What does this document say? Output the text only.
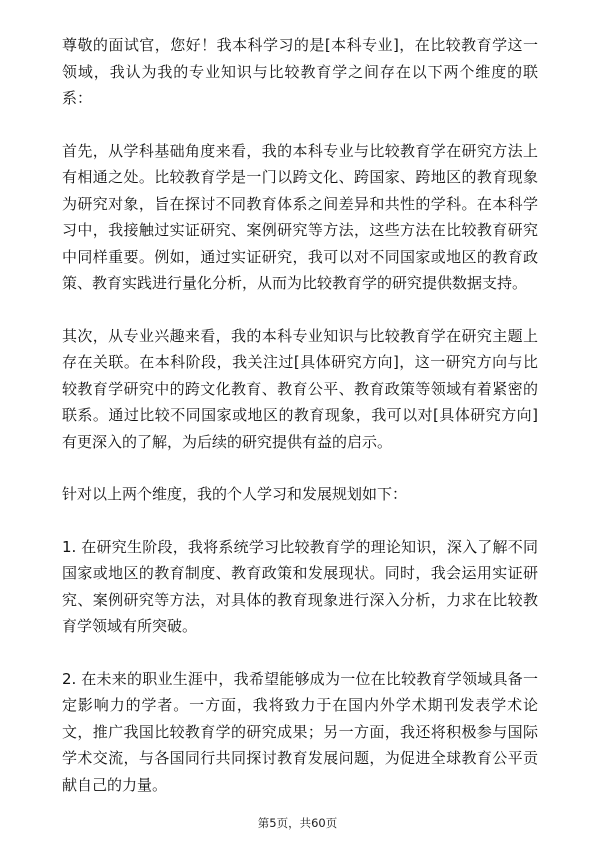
尊敬的面试官，您好！我本科学习的是[本科专业]，在比较教育学这一领域，我认为我的专业知识与比较教育学之间存在以下两个维度的联系：

首先，从学科基础角度来看，我的本科专业与比较教育学在研究方法上有相通之处。比较教育学是一门以跨文化、跨国家、跨地区的教育现象为研究对象，旨在探讨不同教育体系之间差异和共性的学科。在本科学习中，我接触过实证研究、案例研究等方法，这些方法在比较教育研究中同样重要。例如，通过实证研究，我可以对不同国家或地区的教育政策、教育实践进行量化分析，从而为比较教育学的研究提供数据支持。

其次，从专业兴趣来看，我的本科专业知识与比较教育学在研究主题上存在关联。在本科阶段，我关注过[具体研究方向]，这一研究方向与比较教育学研究中的跨文化教育、教育公平、教育政策等领域有着紧密的联系。通过比较不同国家或地区的教育现象，我可以对[具体研究方向]有更深入的了解，为后续的研究提供有益的启示。

针对以上两个维度，我的个人学习和发展规划如下：

1. 在研究生阶段，我将系统学习比较教育学的理论知识，深入了解不同国家或地区的教育制度、教育政策和发展现状。同时，我会运用实证研究、案例研究等方法，对具体的教育现象进行深入分析，力求在比较教育学领域有所突破。

2. 在未来的职业生涯中，我希望能够成为一位在比较教育学领域具备一定影响力的学者。一方面，我将致力于在国内外学术期刊发表学术论文，推广我国比较教育学的研究成果；另一方面，我还将积极参与国际学术交流，与各国同行共同探讨教育发展问题，为促进全球教育公平贡献自己的力量。

第5页，共60页
